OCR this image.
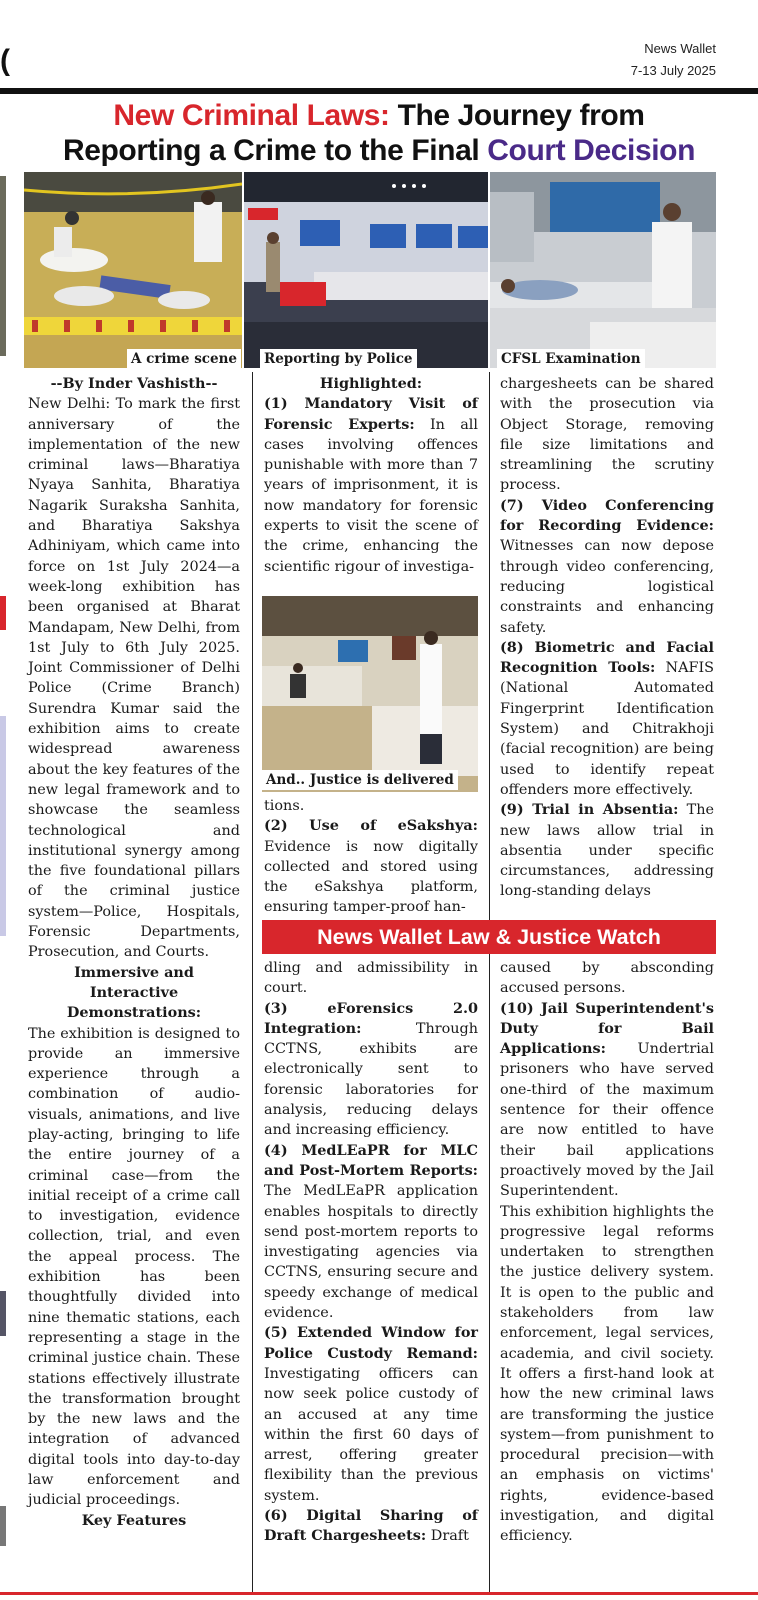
(	News Wallet
7-13 July 2025
New Criminal Laws: The Journey from
Reporting a Crime to the Final Court Decision
A crime scene Reporting by Police	CFSL Examination
And.. Justice is delivered

--By Inder Vashisth--

New Delhi: To mark the first anniversary of the implementation of the new criminal laws—Bharatiya Nyaya Sanhita, Bharatiya Nagarik Suraksha Sanhita, and Bharatiya Sakshya Adhiniyam, which came into force on 1st July 2024—a week-long exhibition has been organised at Bharat Mandapam, New Delhi, from 1st July to 6th July 2025. Joint Commissioner of Delhi Police (Crime Branch) Surendra Kumar said the exhibition aims to create widespread awareness about the key features of the new legal framework and to showcase the seamless technological and institutional synergy among the five foundational pillars of the criminal justice system—Police, Hospitals, Forensic Departments, Prosecution, and Courts.

Immersive and Interactive Demonstrations:

The exhibition is designed to provide an immersive experience through a combination of audio-visuals, animations, and live play-acting, bringing to life the entire journey of a criminal case—from the initial receipt of a crime call to investigation, evidence collection, trial, and even the appeal process. The exhibition has been thoughtfully divided into nine thematic stations, each representing a stage in the criminal justice chain. These stations effectively illustrate the transformation brought by the new laws and the integration of advanced digital tools into day-to-day law enforcement and judicial proceedings.

Key Features

Highlighted:

(1) Mandatory Visit of Forensic Experts: In all cases involving offences punishable with more than 7 years of imprisonment, it is now mandatory for forensic experts to visit the scene of the crime, enhancing the scientific rigour of investiga-

tions.

(2) Use of eSakshya: Evidence is now digitally collected and stored using the eSakshya platform, ensuring tamper-proof han-

dling and admissibility in court.

(3) eForensics 2.0 Integration: Through CCTNS, exhibits are electronically sent to forensic laboratories for analysis, reducing delays and increasing efficiency.

(4) MedLEaPR for MLC and Post-Mortem Reports: The MedLEaPR application enables hospitals to directly send post-mortem reports to investigating agencies via CCTNS, ensuring secure and speedy exchange of medical evidence.

(5) Extended Window for Police Custody Remand: Investigating officers can now seek police custody of an accused at any time within the first 60 days of arrest, offering greater flexibility than the previous system.

(6) Digital Sharing of Draft Chargesheets: Draft

chargesheets can be shared with the prosecution via Object Storage, removing file size limitations and streamlining the scrutiny process.

(7) Video Conferencing for Recording Evidence: Witnesses can now depose through video conferencing, reducing logistical constraints and enhancing safety.

(8) Biometric and Facial Recognition Tools: NAFIS (National Automated Fingerprint Identification System) and Chitrakhoji (facial recognition) are being used to identify repeat offenders more effectively.

(9) Trial in Absentia: The new laws allow trial in absentia under specific circumstances, addressing long-standing delays

caused by absconding accused persons.

(10) Jail Superintendent's Duty for Bail Applications: Undertrial prisoners who have served one-third of the maximum sentence for their offence are now entitled to have their bail applications proactively moved by the Jail Superintendent.

This exhibition highlights the progressive legal reforms undertaken to strengthen the justice delivery system. It is open to the public and stakeholders from law enforcement, legal services, academia, and civil society. It offers a first-hand look at how the new criminal laws are transforming the justice system—from punishment to procedural precision—with an emphasis on victims' rights, evidence-based investigation, and digital efficiency.

News Wallet Law & Justice Watch
